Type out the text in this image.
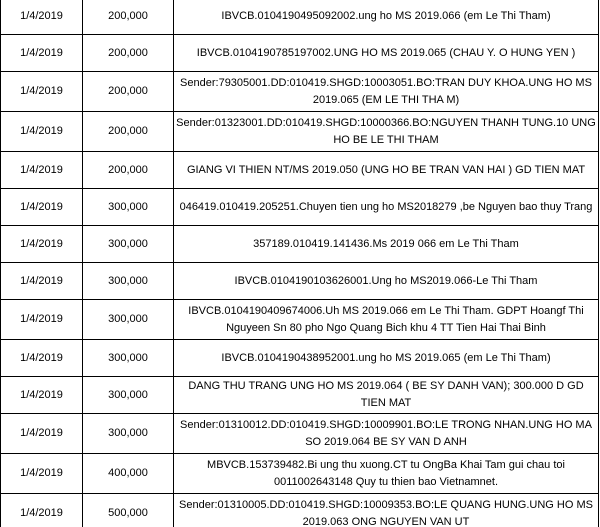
1/4/2019	200,000	IBVCB.0104190495092002.ung ho MS 2019.066 (em Le Thi Tham)
1/4/2019	200,000	IBVCB.0104190785197002.UNG HO MS 2019.065 (CHAU Y. O HUNG YEN )
1/4/2019	200,000	Sender:79305001.DD:010419.SHGD:10003051.BO:TRAN DUY KHOA.UNG HO MS 2019.065 (EM LE THI THA M)
1/4/2019	200,000	Sender:01323001.DD:010419.SHGD:10000366.BO:NGUYEN THANH TUNG.10 UNG HO BE LE THI THAM
1/4/2019	200,000	GIANG VI THIEN NT/MS 2019.050 (UNG HO BE TRAN VAN HAI ) GD TIEN MAT
1/4/2019	300,000	046419.010419.205251.Chuyen tien ung ho MS2018279 ,be Nguyen bao thuy Trang
1/4/2019	300,000	357189.010419.141436.Ms 2019 066 em Le Thi Tham
1/4/2019	300,000	IBVCB.0104190103626001.Ung ho MS2019.066-Le Thi Tham
1/4/2019	300,000	IBVCB.0104190409674006.Uh MS 2019.066 em Le Thi Tham. GDPT Hoangf Thi Nguyeen Sn 80 pho Ngo Quang Bich khu 4 TT Tien Hai Thai Binh
1/4/2019	300,000	IBVCB.0104190438952001.ung ho MS 2019.065 (em Le Thi Tham)
1/4/2019	300,000	DANG THU TRANG UNG HO MS 2019.064 ( BE SY DANH VAN); 300.000 D GD TIEN MAT
1/4/2019	300,000	Sender:01310012.DD:010419.SHGD:10009901.BO:LE TRONG NHAN.UNG HO MA SO 2019.064 BE SY VAN D ANH
1/4/2019	400,000	MBVCB.153739482.Bi ung thu xuong.CT tu OngBa Khai Tam gui chau toi 0011002643148 Quy tu thien bao Vietnamnet.
1/4/2019	500,000	Sender:01310005.DD:010419.SHGD:10009353.BO:LE QUANG HUNG.UNG HO MS 2019.063 ONG NGUYEN VAN UT
